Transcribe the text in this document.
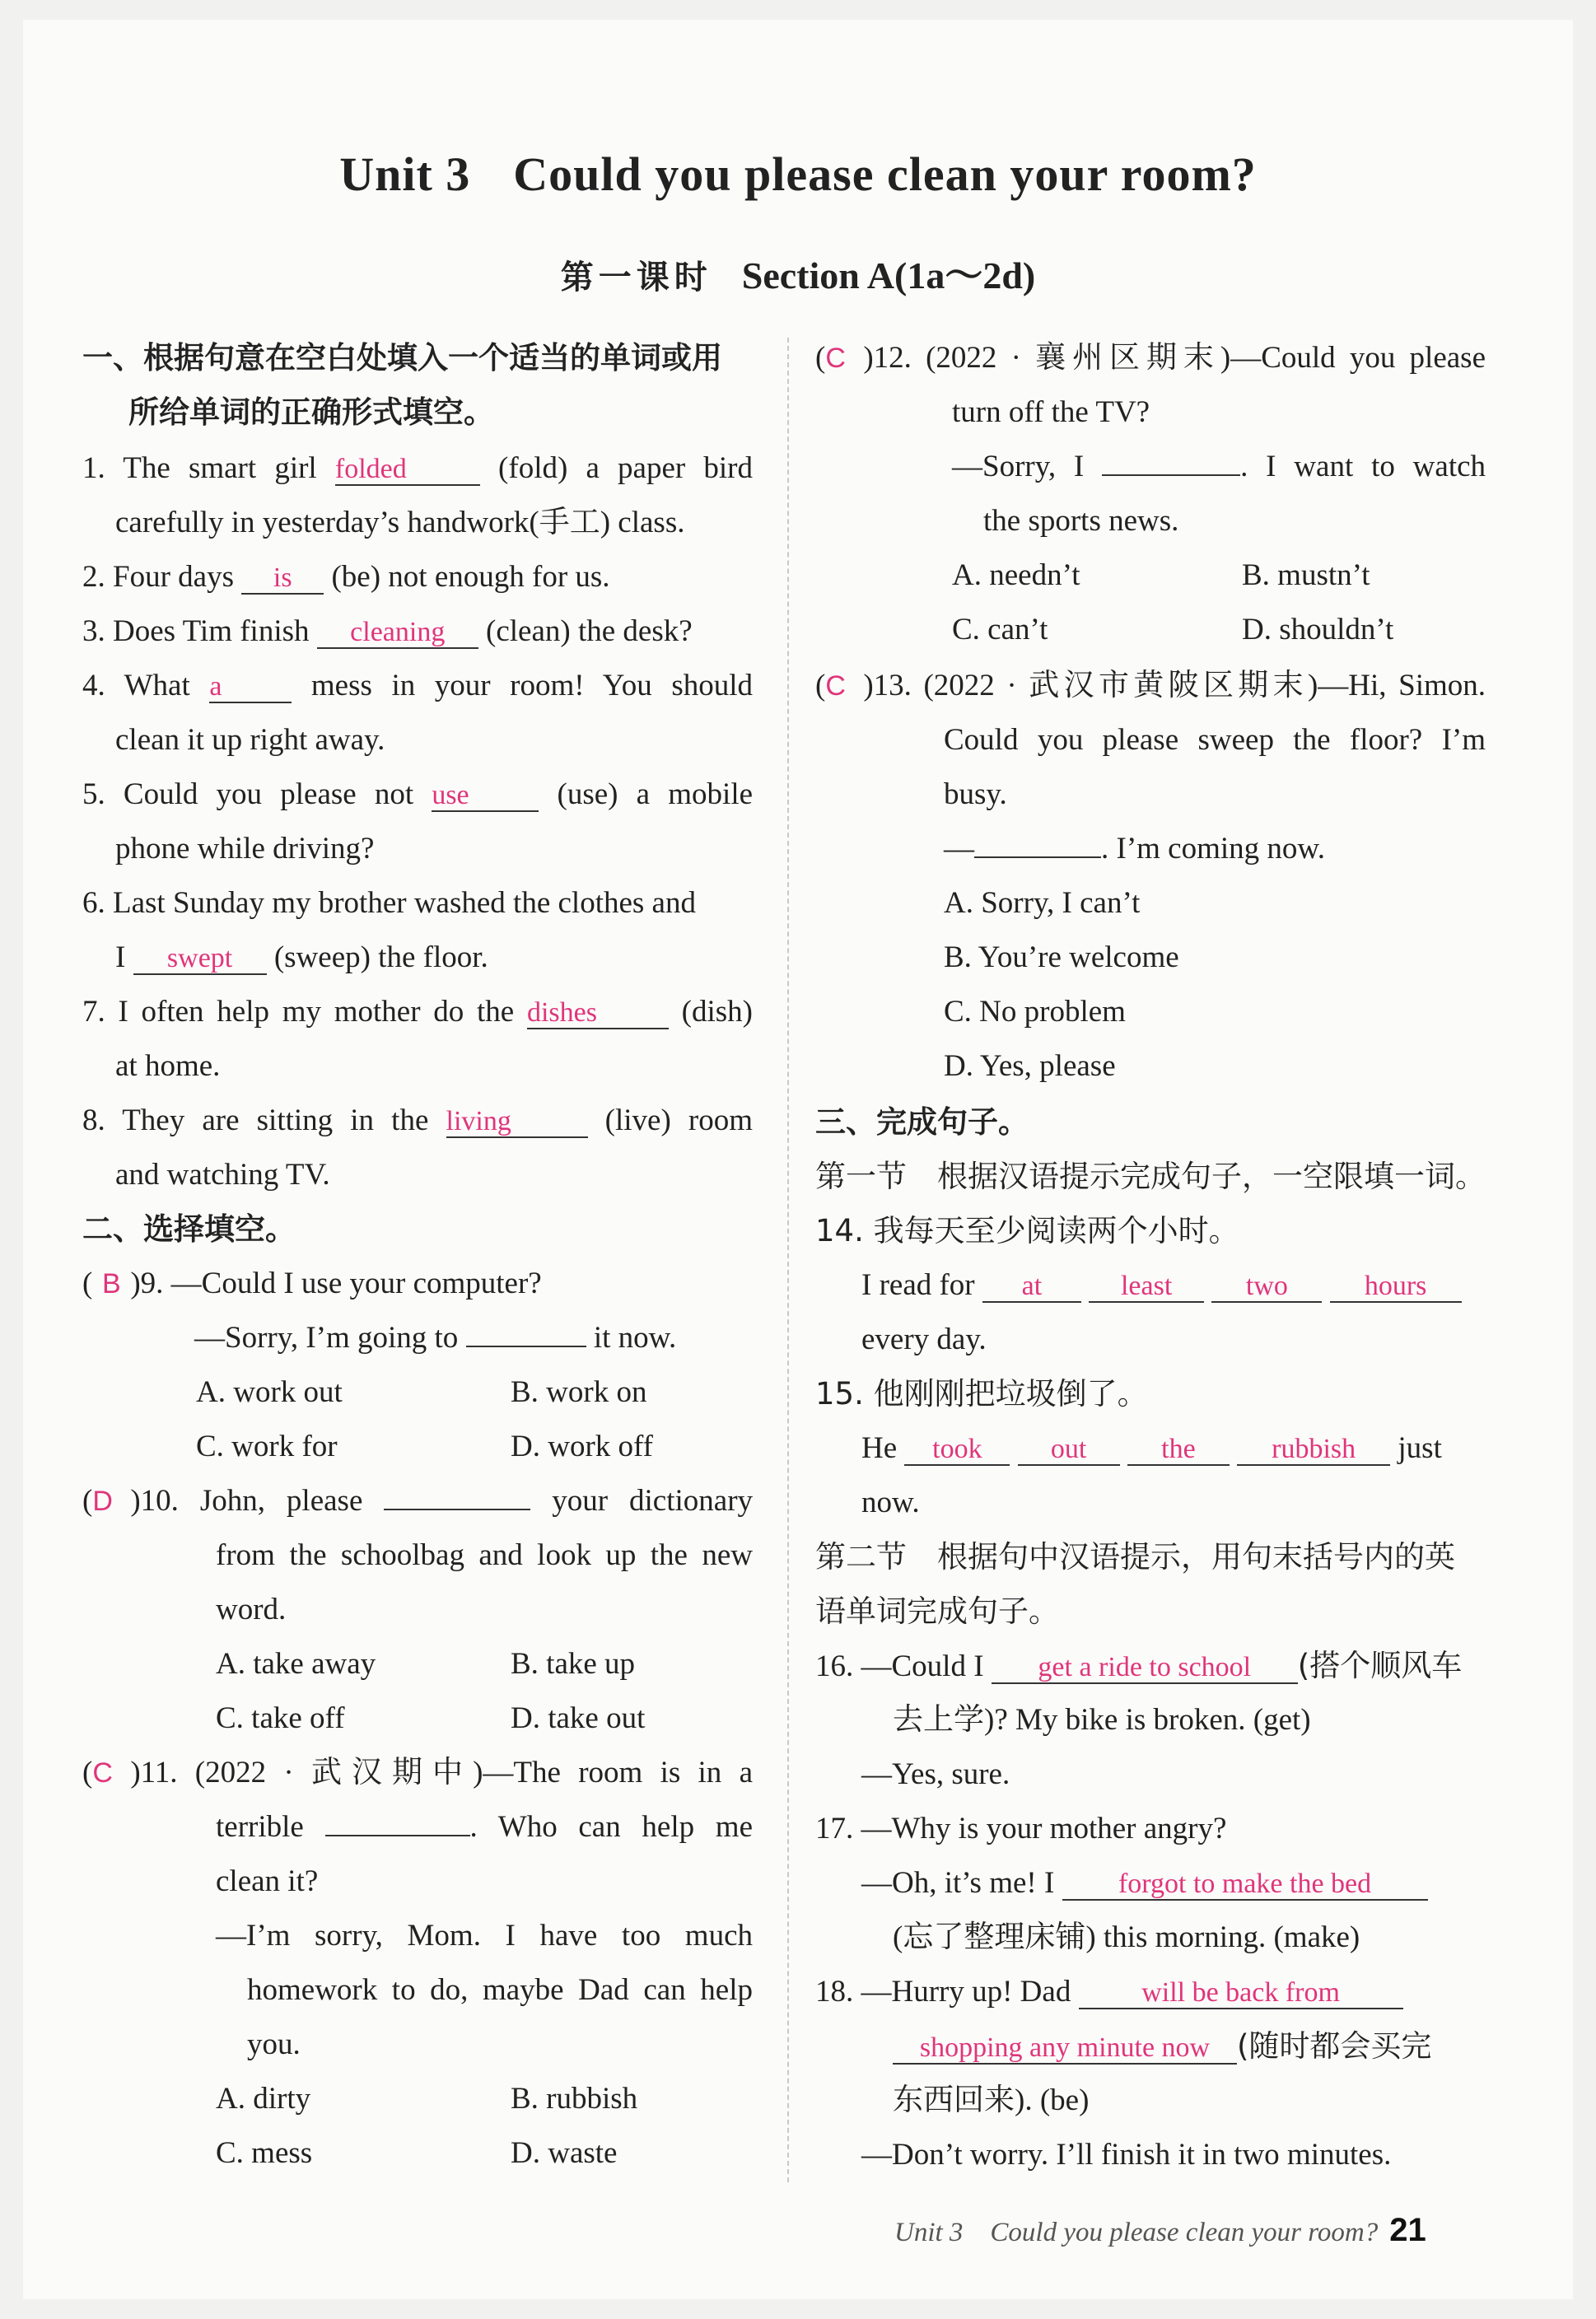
Unit 3 Could you please clean your room?
第一课时 Section A(1a～2d)
一、根据句意在空白处填入一个适当的单词或用
所给单词的正确形式填空。
1. The smart girl folded	(fold) a paper bird
carefully in yesterday’s handwork(手工) class.
2. Four days is (be) not enough for us.
3. Does Tim finish cleaning (clean) the desk?
4. What a	mess in your room! You should
clean it up right away.
5. Could you please not use	(use) a mobile
phone while driving?
6. Last Sunday my brother washed the clothes and
I swept (sweep) the floor.
7. I often help my mother do the dishes	(dish)
at home.
8. They are sitting in the living	(live) room
and watching TV.
二、选择填空。
( B )9. —Could I use your computer?
—Sorry, I’m going to	it now.
A. work out	B. work on
C. work for	D. work off
(D )10. John, please	your dictionary
from the schoolbag and look up the new
word.
A. take away	B. take up
C. take off	D. take out
(C )11. (2022 · 武汉期中)—The room is in a
terrible	. Who can help me
clean it?
—I’m sorry, Mom. I have too much
homework to do, maybe Dad can help
you.
A. dirty	B. rubbish
C. mess	D. waste
(C )12. (2022 · 襄州区期末)—Could you please
turn off the TV?
—Sorry, I	. I want to watch
the sports news.
A. needn’t	B. mustn’t
C. can’t	D. shouldn’t
(C )13. (2022 · 武汉市黄陂区期末)—Hi, Simon.
Could you please sweep the floor? I’m
busy.
—	. I’m coming now.
A. Sorry, I can’t
B. You’re welcome
C. No problem
D. Yes, please
三、完成句子。
第一节　根据汉语提示完成句子，一空限填一词。
14. 我每天至少阅读两个小时。
I read for at	least	two	hours
every day.
15. 他刚刚把垃圾倒了。
He took out	the	rubbish just
now.
第二节　根据句中汉语提示，用句末括号内的英
语单词完成句子。
16. —Could I get a ride to school (搭个顺风车
去上学)? My bike is broken. (get)
—Yes, sure.
17. —Why is your mother angry?
—Oh, it’s me! I forgot to make the bed
(忘了整理床铺) this morning. (make)
18. —Hurry up! Dad	will be back from
shopping any minute now (随时都会买完
东西回来). (be)
—Don’t worry. I’ll finish it in two minutes.
Unit 3　Could you please clean your room? 21
